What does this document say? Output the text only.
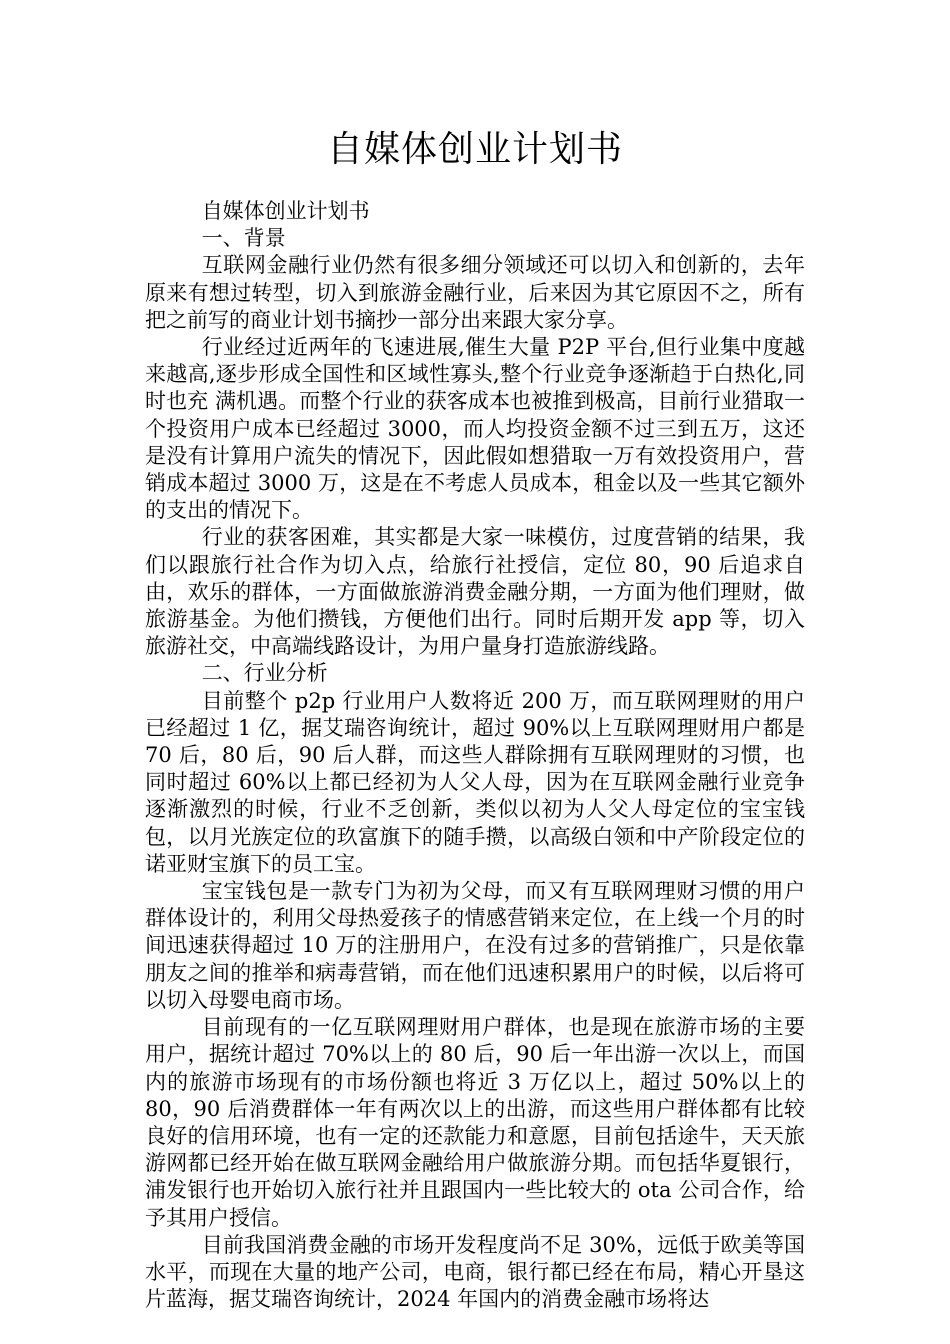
自媒体创业计划书

自媒体创业计划书

一、背景

互联网金融行业仍然有很多细分领域还可以切入和创新的，去年原来有想过转型，切入到旅游金融行业，后来因为其它原因不之，所有把之前写的商业计划书摘抄一部分出来跟大家分享。

行业经过近两年的飞速进展,催生大量 P2P 平台,但行业集中度越来越高,逐步形成全国性和区域性寡头,整个行业竞争逐渐趋于白热化,同时也充 满机遇。而整个行业的获客成本也被推到极高，目前行业猎取一个投资用户成本已经超过 3000，而人均投资金额不过三到五万，这还是没有计算用户流失的情况下，因此假如想猎取一万有效投资用户，营销成本超过 3000 万，这是在不考虑人员成本，租金以及一些其它额外的支出的情况下。

行业的获客困难，其实都是大家一味模仿，过度营销的结果，我们以跟旅行社合作为切入点，给旅行社授信，定位 80，90 后追求自由，欢乐的群体，一方面做旅游消费金融分期，一方面为他们理财，做旅游基金。为他们攒钱，方便他们出行。同时后期开发 app 等，切入旅游社交，中高端线路设计，为用户量身打造旅游线路。

二、行业分析

目前整个 p2p 行业用户人数将近 200 万，而互联网理财的用户已经超过 1 亿，据艾瑞咨询统计，超过 90%以上互联网理财用户都是 70 后，80 后，90 后人群，而这些人群除拥有互联网理财的习惯，也同时超过 60%以上都已经初为人父人母，因为在互联网金融行业竞争逐渐激烈的时候，行业不乏创新，类似以初为人父人母定位的宝宝钱包，以月光族定位的玖富旗下的随手攒，以高级白领和中产阶段定位的诺亚财宝旗下的员工宝。

宝宝钱包是一款专门为初为父母，而又有互联网理财习惯的用户群体设计的，利用父母热爱孩子的情感营销来定位，在上线一个月的时间迅速获得超过 10 万的注册用户，在没有过多的营销推广，只是依靠朋友之间的推举和病毒营销，而在他们迅速积累用户的时候，以后将可以切入母婴电商市场。

目前现有的一亿互联网理财用户群体，也是现在旅游市场的主要用户，据统计超过 70%以上的 80 后，90 后一年出游一次以上，而国内的旅游市场现有的市场份额也将近 3 万亿以上，超过 50%以上的 80，90 后消费群体一年有两次以上的出游，而这些用户群体都有比较良好的信用环境，也有一定的还款能力和意愿，目前包括途牛，天天旅游网都已经开始在做互联网金融给用户做旅游分期。而包括华夏银行，浦发银行也开始切入旅行社并且跟国内一些比较大的 ota 公司合作，给予其用户授信。

目前我国消费金融的市场开发程度尚不足 30%，远低于欧美等国水平，而现在大量的地产公司，电商，银行都已经在布局，精心开垦这片蓝海，据艾瑞咨询统计，2024 年国内的消费金融市场将达
